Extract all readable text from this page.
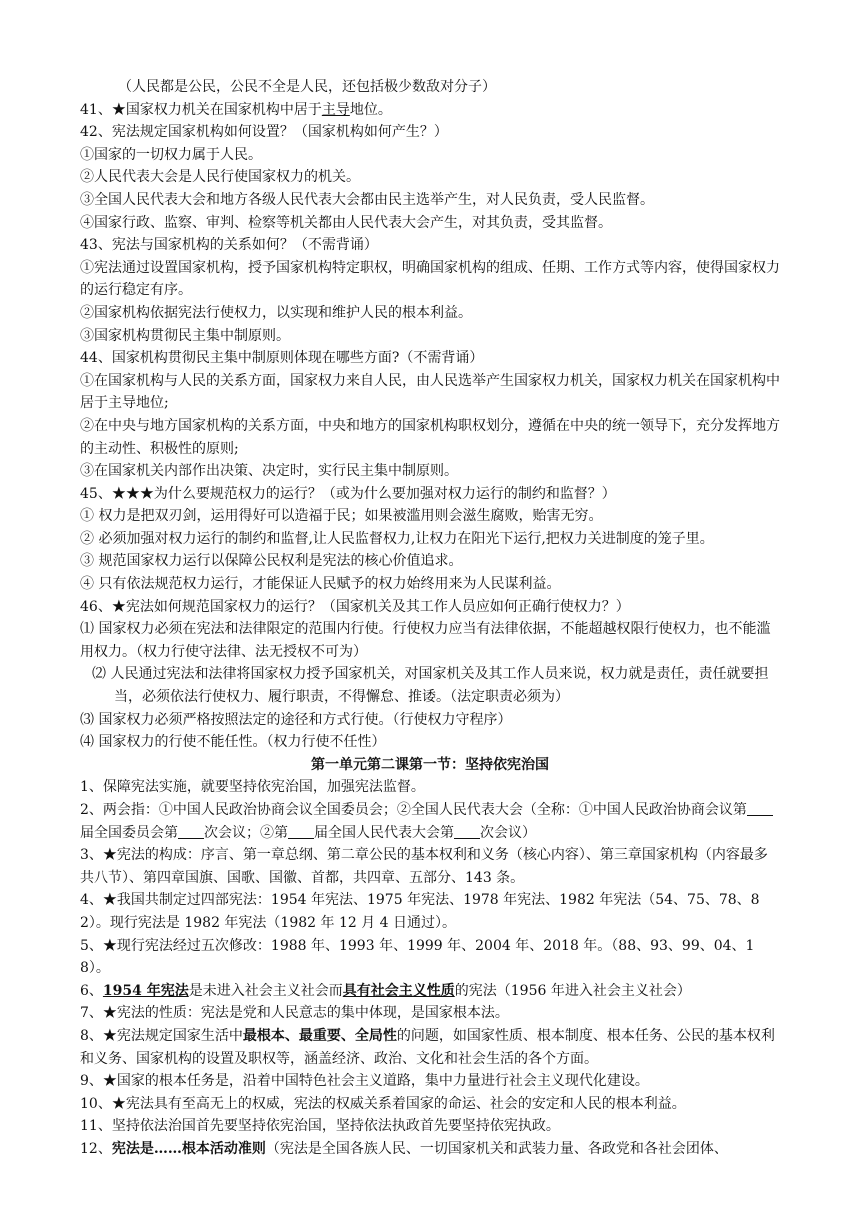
（人民都是公民，公民不全是人民，还包括极少数敌对分子）
41、★国家权力机关在国家机构中居于主导地位。
42、宪法规定国家机构如何设置？（国家机构如何产生？）
①国家的一切权力属于人民。
②人民代表大会是人民行使国家权力的机关。
③全国人民代表大会和地方各级人民代表大会都由民主选举产生，对人民负责，受人民监督。
④国家行政、监察、审判、检察等机关都由人民代表大会产生，对其负责，受其监督。
43、宪法与国家机构的关系如何？（不需背诵）
①宪法通过设置国家机构，授予国家机构特定职权，明确国家机构的组成、任期、工作方式等内容，使得国家权力的运行稳定有序。
②国家机构依据宪法行使权力，以实现和维护人民的根本利益。
③国家机构贯彻民主集中制原则。
44、国家机构贯彻民主集中制原则体现在哪些方面?（不需背诵）
①在国家机构与人民的关系方面，国家权力来自人民，由人民选举产生国家权力机关，国家权力机关在国家机构中居于主导地位;
②在中央与地方国家机构的关系方面，中央和地方的国家机构职权划分，遵循在中央的统一领导下，充分发挥地方的主动性、积极性的原则;
③在国家机关内部作出决策、决定时，实行民主集中制原则。
45、★★★为什么要规范权力的运行？（或为什么要加强对权力运行的制约和监督？）
① 权力是把双刃剑，运用得好可以造福于民；如果被滥用则会滋生腐败，贻害无穷。
② 必须加强对权力运行的制约和监督,让人民监督权力,让权力在阳光下运行,把权力关进制度的笼子里。
③ 规范国家权力运行以保障公民权利是宪法的核心价值追求。
④ 只有依法规范权力运行，才能保证人民赋予的权力始终用来为人民谋利益。
46、★宪法如何规范国家权力的运行？（国家机关及其工作人员应如何正确行使权力？）
⑴ 国家权力必须在宪法和法律限定的范围内行使。行使权力应当有法律依据，不能超越权限行使权力，也不能滥用权力。（权力行使守法律、法无授权不可为）
⑵ 人民通过宪法和法律将国家权力授予国家机关，对国家机关及其工作人员来说，权力就是责任，责任就要担当，必须依法行使权力、履行职责，不得懈怠、推诿。（法定职责必须为）
⑶ 国家权力必须严格按照法定的途径和方式行使。（行使权力守程序）
⑷ 国家权力的行使不能任性。（权力行使不任性）
第一单元第二课第一节：坚持依宪治国
1、保障宪法实施，就要坚持依宪治国，加强宪法监督。
2、两会指：①中国人民政治协商会议全国委员会；②全国人民代表大会（全称：①中国人民政治协商会议第届全国委员会第 次会议；②第 届全国人民代表大会第 次会议）
3、★宪法的构成：序言、第一章总纲、第二章公民的基本权利和义务（核心内容）、第三章国家机构（内容最多共八节）、第四章国旗、国歌、国徽、首都，共四章、五部分、143 条。
4、★我国共制定过四部宪法：1954 年宪法、1975 年宪法、1978 年宪法、1982 年宪法（54、75、78、82）。现行宪法是 1982 年宪法（1982 年 12 月 4 日通过）。
5、★现行宪法经过五次修改：1988 年、1993 年、1999 年、2004 年、2018 年。（88、93、99、04、18）。
6、1954 年宪法是未进入社会主义社会而具有社会主义性质的宪法（1956 年进入社会主义社会）
7、★宪法的性质：宪法是党和人民意志的集中体现，是国家根本法。
8、★宪法规定国家生活中最根本、最重要、全局性的问题，如国家性质、根本制度、根本任务、公民的基本权利和义务、国家机构的设置及职权等，涵盖经济、政治、文化和社会生活的各个方面。
9、★国家的根本任务是，沿着中国特色社会主义道路，集中力量进行社会主义现代化建设。
10、★宪法具有至高无上的权威，宪法的权威关系着国家的命运、社会的安定和人民的根本利益。
11、坚持依法治国首先要坚持依宪治国，坚持依法执政首先要坚持依宪执政。
12、宪法是……根本活动准则（宪法是全国各族人民、一切国家机关和武装力量、各政党和各社会团体、
